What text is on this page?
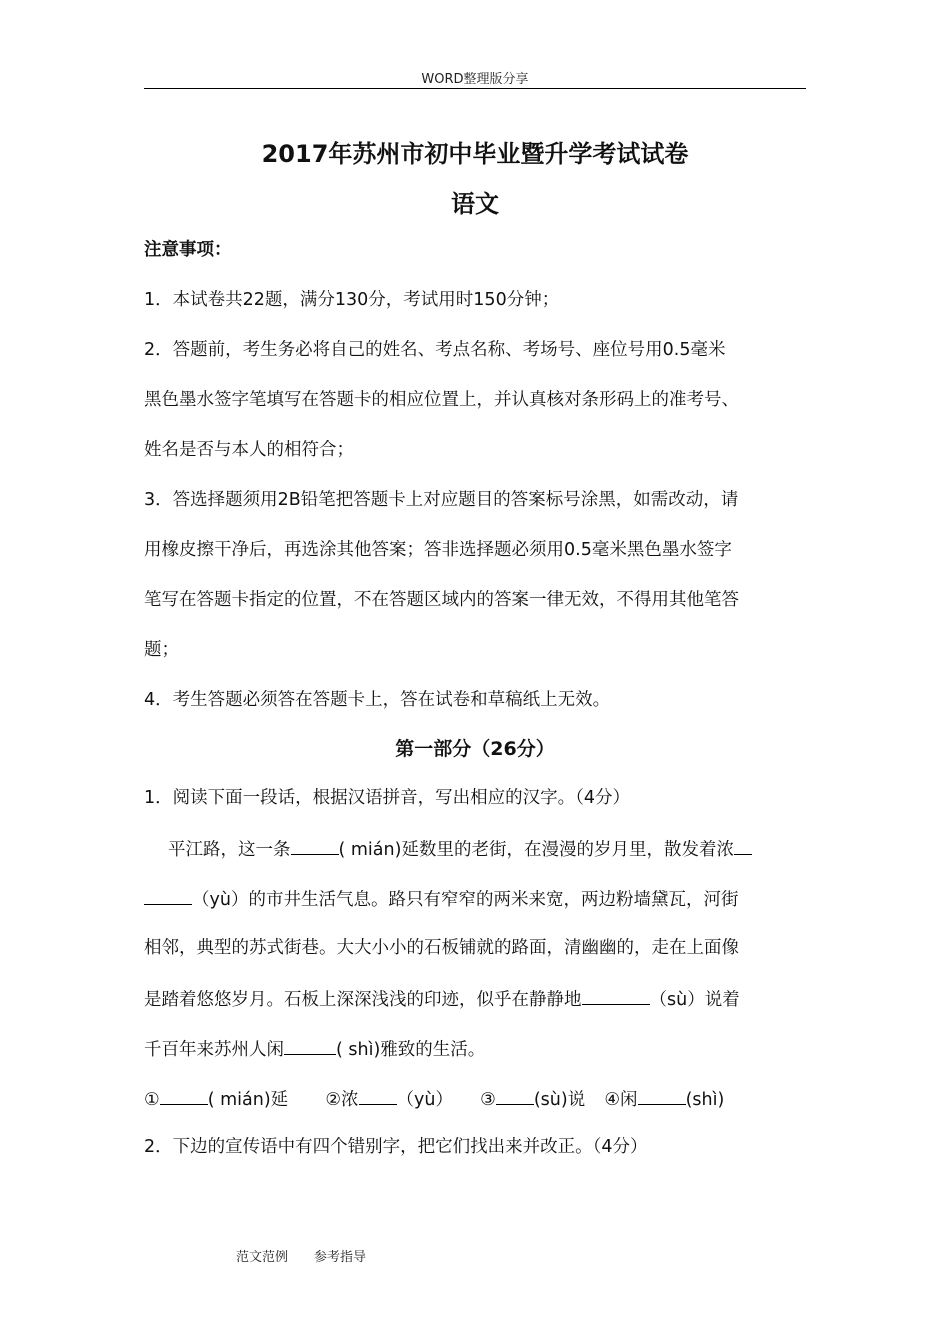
WORD整理版分享
2017年苏州市初中毕业暨升学考试试卷
语文
注意事项：
1．本试卷共22题，满分130分，考试用时150分钟；
2．答题前，考生务必将自己的姓名、考点名称、考场号、座位号用0.5毫米
黑色墨水签字笔填写在答题卡的相应位置上，并认真核对条形码上的准考号、
姓名是否与本人的相符合；
3．答选择题须用2B铅笔把答题卡上对应题目的答案标号涂黑，如需改动，请
用橡皮擦干净后，再选涂其他答案；答非选择题必须用0.5毫米黑色墨水签字
笔写在答题卡指定的位置，不在答题区域内的答案一律无效，不得用其他笔答
题；
4．考生答题必须答在答题卡上，答在试卷和草稿纸上无效。
第一部分（26分）
1．阅读下面一段话，根据汉语拼音，写出相应的汉字。（4分）
平江路，这一条	( mián)延数里的老街，在漫漫的岁月里，散发着浓
（yù）的市井生活气息。路只有窄窄的两米来宽，两边粉墙黛瓦，河街
相邻，典型的苏式街巷。大大小小的石板铺就的路面，清幽幽的，走在上面像
是踏着悠悠岁月。石板上深深浅浅的印迹，似乎在静静地	（sù）说着
千百年来苏州人闲	( shì)雅致的生活。
①	( mián)延 ②浓 （yù） ③ (sù)说 ④闲	(shì)
2．下边的宣传语中有四个错别字，把它们找出来并改正。（4分）
范文范例 参考指导
